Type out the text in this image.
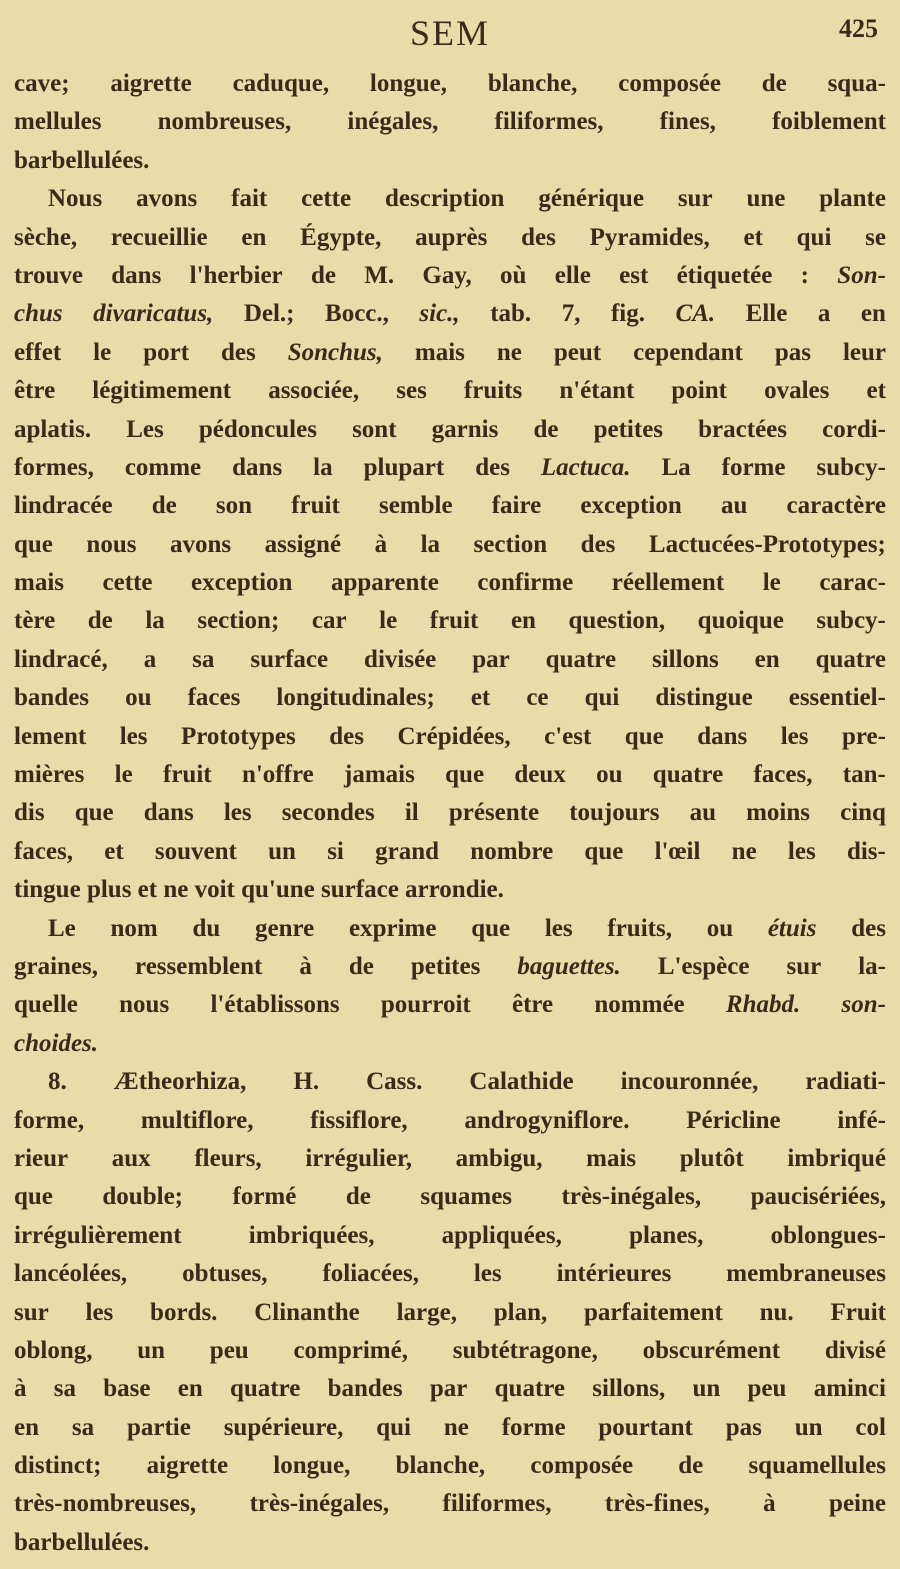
SEM	425
cave; aigrette caduque, longue, blanche, composée de squa-
mellules nombreuses, inégales, filiformes, fines, foiblement
barbellulées.
Nous avons fait cette description générique sur une plante
sèche, recueillie en Égypte, auprès des Pyramides, et qui se
trouve dans l'herbier de M. Gay, où elle est étiquetée : Son-
chus divaricatus, Del.; Bocc., sic., tab. 7, fig. CA. Elle a en
effet le port des Sonchus, mais ne peut cependant pas leur
être légitimement associée, ses fruits n'étant point ovales et
aplatis. Les pédoncules sont garnis de petites bractées cordi-
formes, comme dans la plupart des Lactuca. La forme subcy-
lindracée de son fruit semble faire exception au caractère
que nous avons assigné à la section des Lactucées-Prototypes;
mais cette exception apparente confirme réellement le carac-
tère de la section; car le fruit en question, quoique subcy-
lindracé, a sa surface divisée par quatre sillons en quatre
bandes ou faces longitudinales; et ce qui distingue essentiel-
lement les Prototypes des Crépidées, c'est que dans les pre-
mières le fruit n'offre jamais que deux ou quatre faces, tan-
dis que dans les secondes il présente toujours au moins cinq
faces, et souvent un si grand nombre que l'œil ne les dis-
tingue plus et ne voit qu'une surface arrondie.
Le nom du genre exprime que les fruits, ou étuis des
graines, ressemblent à de petites baguettes. L'espèce sur la-
quelle nous l'établissons pourroit être nommée Rhabd. son-
choides.
8. Ætheorhiza, H. Cass. Calathide incouronnée, radiati-
forme, multiflore, fissiflore, androgyniflore. Péricline infé-
rieur aux fleurs, irrégulier, ambigu, mais plutôt imbriqué
que double; formé de squames très-inégales, paucisériées,
irrégulièrement	imbriquées,	appliquées,	planes,	oblongues-
lancéolées, obtuses, foliacées, les intérieures membraneuses
sur les bords. Clinanthe large, plan, parfaitement nu. Fruit
oblong, un peu comprimé, subtétragone, obscurément divisé
à sa base en quatre bandes par quatre sillons, un peu aminci
en sa partie supérieure, qui ne forme pourtant pas un col
distinct; aigrette longue, blanche, composée de squamellules
très-nombreuses, très-inégales, filiformes, très-fines, à peine
barbellulées.
